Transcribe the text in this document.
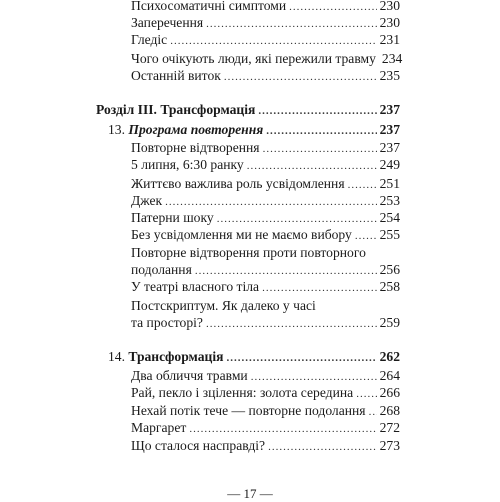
Психосоматичні симптоми .....	230
Заперечення .....	230
Гледіс .....	231
Чого очікують люди, які пережили травму 234
Останній виток .....	235
Розділ III. Трансформація .....	237
13. Програма повторення .....	237
Повторне відтворення .....	237
5 липня, 6:30 ранку .....	249
Життєво важлива роль усвідомлення .....	251
Джек .....	253
Патерни шоку .....	254
Без усвідомлення ми не маємо вибору ..... 255
Повторне відтворення проти повторного
подолання .....	256
У театрі власного тіла .....	258
Постскриптум. Як далеко у часі
та просторі? .....	259
14. Трансформація .....	262
Два обличчя травми .....	264
Рай, пекло і зцілення: золота середина ..... 266
Нехай потік тече — повторне подолання ..... 268
Маргарет .....	272
Що сталося насправді? .....	273
— 17 —
